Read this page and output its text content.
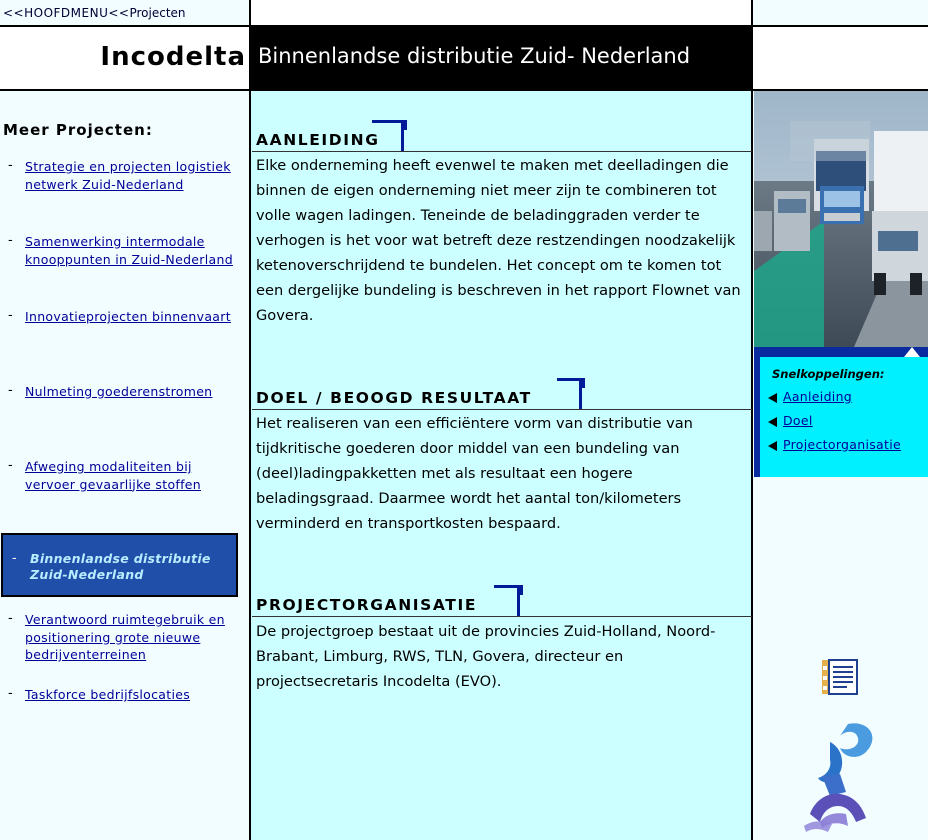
<<HOOFDMENU<<Projecten
Incodelta Binnenlandse distributie Zuid- Nederland
Meer Projecten:
- Strategie en projecten logistiek netwerk Zuid-Nederland
- Samenwerking intermodale knooppunten in Zuid-Nederland
- Innovatieprojecten binnenvaart
- Nulmeting goederenstromen
- Afweging modaliteiten bij vervoer gevaarlijke stoffen
- Binnenlandse distributie Zuid-Nederland
- Verantwoord ruimtegebruik en positionering grote nieuwe bedrijventerreinen
- Taskforce bedrijfslocaties
AANLEIDING
Elke onderneming heeft evenwel te maken met deelladingen die binnen de eigen onderneming niet meer zijn te combineren tot volle wagen ladingen. Teneinde de beladinggraden verder te verhogen is het voor wat betreft deze restzendingen noodzakelijk ketenoverschrijdend te bundelen. Het concept om te komen tot een dergelijke bundeling is beschreven in het rapport Flownet van Govera.
DOEL / BEOOGD RESULTAAT
Het realiseren van een efficiëntere vorm van distributie van tijdkritische goederen door middel van een bundeling van (deel)ladingpakketten met als resultaat een hogere beladingsgraad. Daarmee wordt het aantal ton/kilometers verminderd en transportkosten bespaard.
PROJECTORGANISATIE
De projectgroep bestaat uit de provincies Zuid-Holland, Noord-Brabant, Limburg, RWS, TLN, Govera, directeur en projectsecretaris Incodelta (EVO).
Snelkoppelingen:
Aanleiding
Doel
Projectorganisatie
